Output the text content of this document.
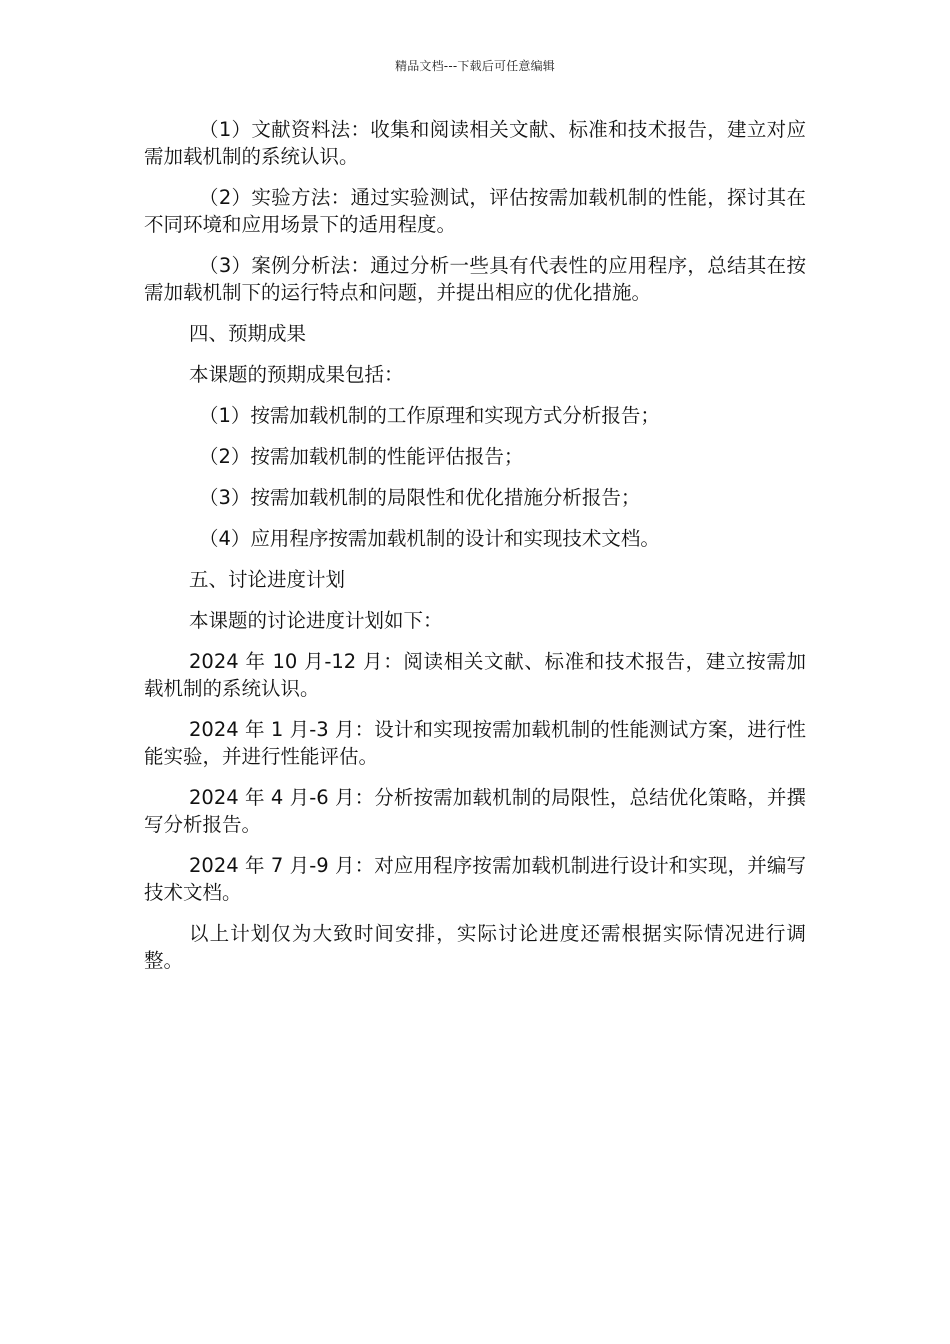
精品文档---下载后可任意编辑

（1）文献资料法：收集和阅读相关文献、标准和技术报告，建立对应需加载机制的系统认识。

（2）实验方法：通过实验测试，评估按需加载机制的性能，探讨其在不同环境和应用场景下的适用程度。

（3）案例分析法：通过分析一些具有代表性的应用程序，总结其在按需加载机制下的运行特点和问题，并提出相应的优化措施。

四、预期成果

本课题的预期成果包括：

（1）按需加载机制的工作原理和实现方式分析报告；

（2）按需加载机制的性能评估报告；

（3）按需加载机制的局限性和优化措施分析报告；

（4）应用程序按需加载机制的设计和实现技术文档。

五、讨论进度计划

本课题的讨论进度计划如下：

2024 年 10 月-12 月：阅读相关文献、标准和技术报告，建立按需加载机制的系统认识。

2024 年 1 月-3 月：设计和实现按需加载机制的性能测试方案，进行性能实验，并进行性能评估。

2024 年 4 月-6 月：分析按需加载机制的局限性，总结优化策略，并撰写分析报告。

2024 年 7 月-9 月：对应用程序按需加载机制进行设计和实现，并编写技术文档。

以上计划仅为大致时间安排，实际讨论进度还需根据实际情况进行调整。
